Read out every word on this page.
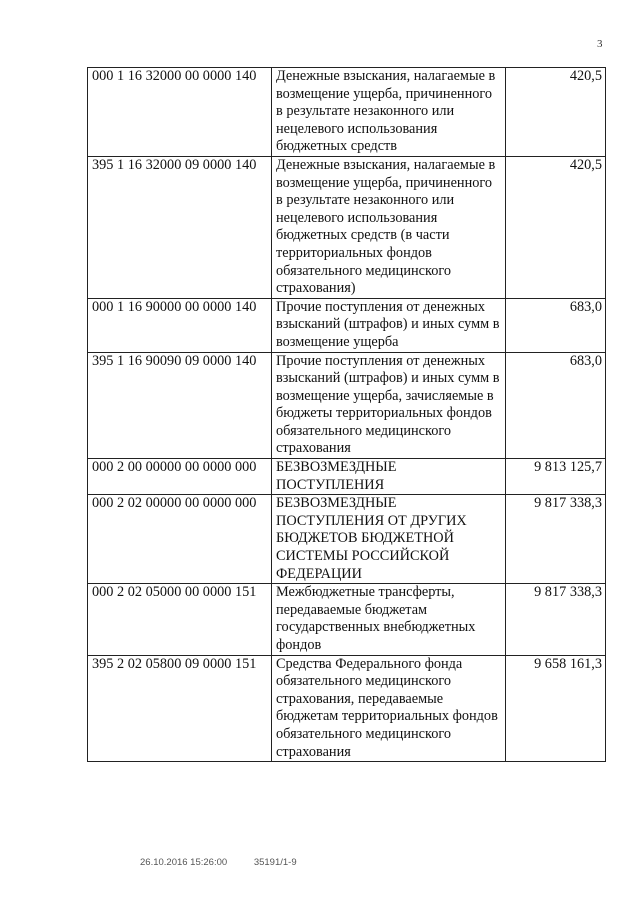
3
000 1 16 32000 00 0000 140	Денежные взыскания, налагаемые в возмещение ущерба, причиненного в результате незаконного или нецелевого использования бюджетных средств	420,5
395 1 16 32000 09 0000 140	Денежные взыскания, налагаемые в возмещение ущерба, причиненного в результате незаконного или нецелевого использования бюджетных средств (в части территориальных фондов обязательного медицинского страхования)	420,5
000 1 16 90000 00 0000 140	Прочие поступления от денежных взысканий (штрафов) и иных сумм в возмещение ущерба	683,0
395 1 16 90090 09 0000 140	Прочие поступления от денежных взысканий (штрафов) и иных сумм в возмещение ущерба, зачисляемые в бюджеты территориальных фондов обязательного медицинского страхования	683,0
000 2 00 00000 00 0000 000	БЕЗВОЗМЕЗДНЫЕ ПОСТУПЛЕНИЯ	9 813 125,7
000 2 02 00000 00 0000 000	БЕЗВОЗМЕЗДНЫЕ ПОСТУПЛЕНИЯ ОТ ДРУГИХ БЮДЖЕТОВ БЮДЖЕТНОЙ СИСТЕМЫ РОССИЙСКОЙ ФЕДЕРАЦИИ	9 817 338,3
000 2 02 05000 00 0000 151	Межбюджетные трансферты, передаваемые бюджетам государственных внебюджетных фондов	9 817 338,3
395 2 02 05800 09 0000 151	Средства Федерального фонда обязательного медицинского страхования, передаваемые бюджетам территориальных фондов обязательного медицинского страхования	9 658 161,3
26.10.2016 15:26:00	35191/1-9
